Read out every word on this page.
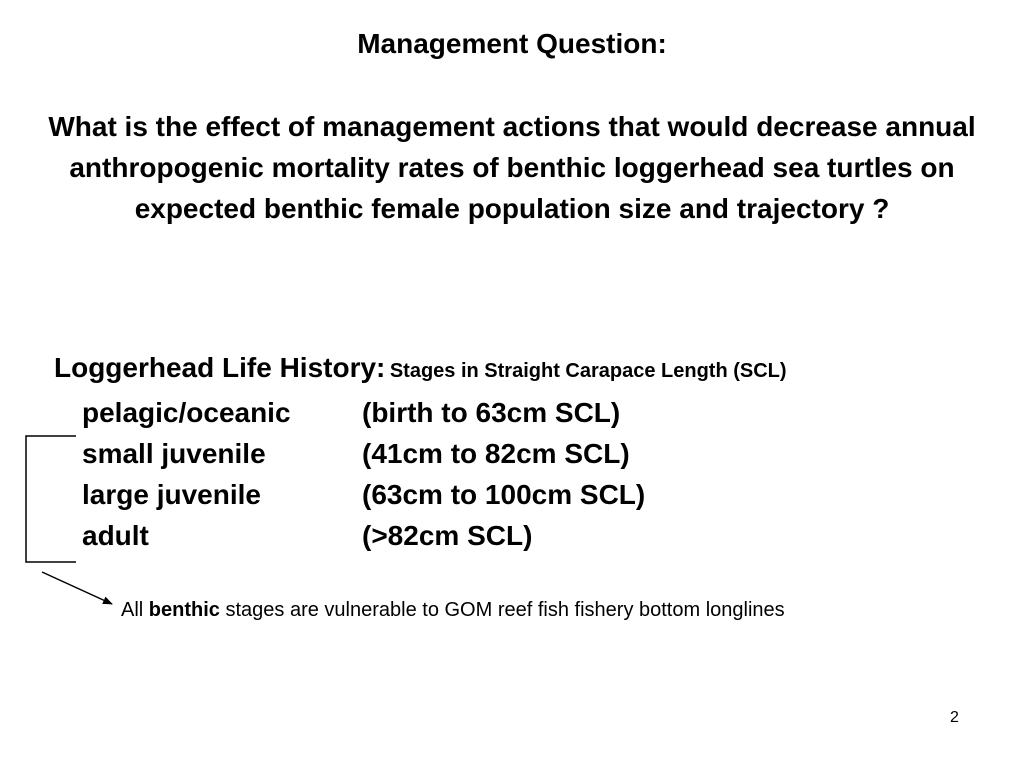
Management Question:
What is the effect of management actions that would decrease annual anthropogenic mortality rates of benthic loggerhead sea turtles on expected benthic female population size and trajectory ?
Loggerhead Life History: Stages in Straight Carapace Length (SCL)
pelagic/oceanic	(birth to 63cm SCL)
small juvenile	(41cm to 82cm SCL)
large juvenile	(63cm to 100cm SCL)
adult	(>82cm SCL)
All benthic stages are vulnerable to GOM reef fish fishery bottom longlines
2
